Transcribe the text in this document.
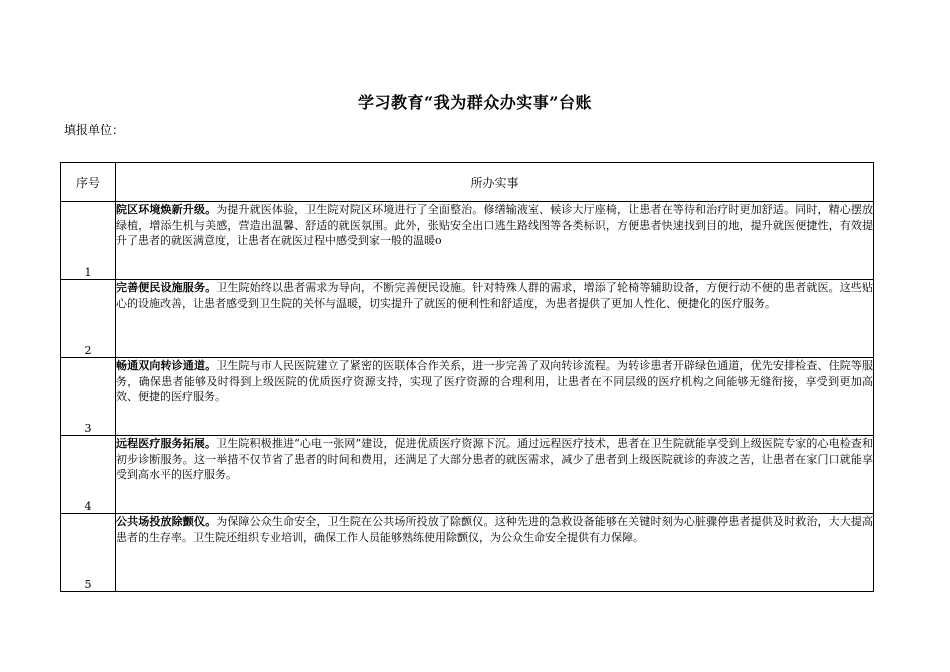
学习教育“我为群众办实事”台账
填报单位：
序号	所办实事
1	院区环境焕新升级。为提升就医体验，卫生院对院区环境进行了全面整治。修缮输液室、候诊大厅座椅，让患者在等待和治疗时更加舒适。同时，精心摆放绿植，增添生机与美感，营造出温馨、舒适的就医氛围。此外，张贴安全出口逃生路线图等各类标识，方便患者快速找到目的地，提升就医便捷性，有效提升了患者的就医满意度，让患者在就医过程中感受到家一般的温暖o
2	完善便民设施服务。卫生院始终以患者需求为导向，不断完善便民设施。针对特殊人群的需求，增添了轮椅等辅助设备，方便行动不便的患者就医。这些贴心的设施改善，让患者感受到卫生院的关怀与温暖，切实提升了就医的便利性和舒适度，为患者提供了更加人性化、便捷化的医疗服务。
3	畅通双向转诊通道。卫生院与市人民医院建立了紧密的医联体合作关系，进一步完善了双向转诊流程。为转诊患者开辟绿色通道，优先安排检查、住院等服务，确保患者能够及时得到上级医院的优质医疗资源支持，实现了医疗资源的合理利用，让患者在不同层级的医疗机构之间能够无缝衔接，享受到更加高效、便捷的医疗服务。
4	远程医疗服务拓展。卫生院积极推进“心电一张网”建设，促进优质医疗资源下沉。通过远程医疗技术，患者在卫生院就能享受到上级医院专家的心电检查和初步诊断服务。这一举措不仅节省了患者的时间和费用，还满足了大部分患者的就医需求，减少了患者到上级医院就诊的奔波之苦，让患者在家门口就能享受到高水平的医疗服务。
5	公共场投放除颤仪。为保障公众生命安全，卫生院在公共场所投放了除颤仪。这种先进的急救设备能够在关键时刻为心脏骤停患者提供及时救治，大大提高患者的生存率。卫生院还组织专业培训，确保工作人员能够熟练使用除颤仪，为公众生命安全提供有力保障。
